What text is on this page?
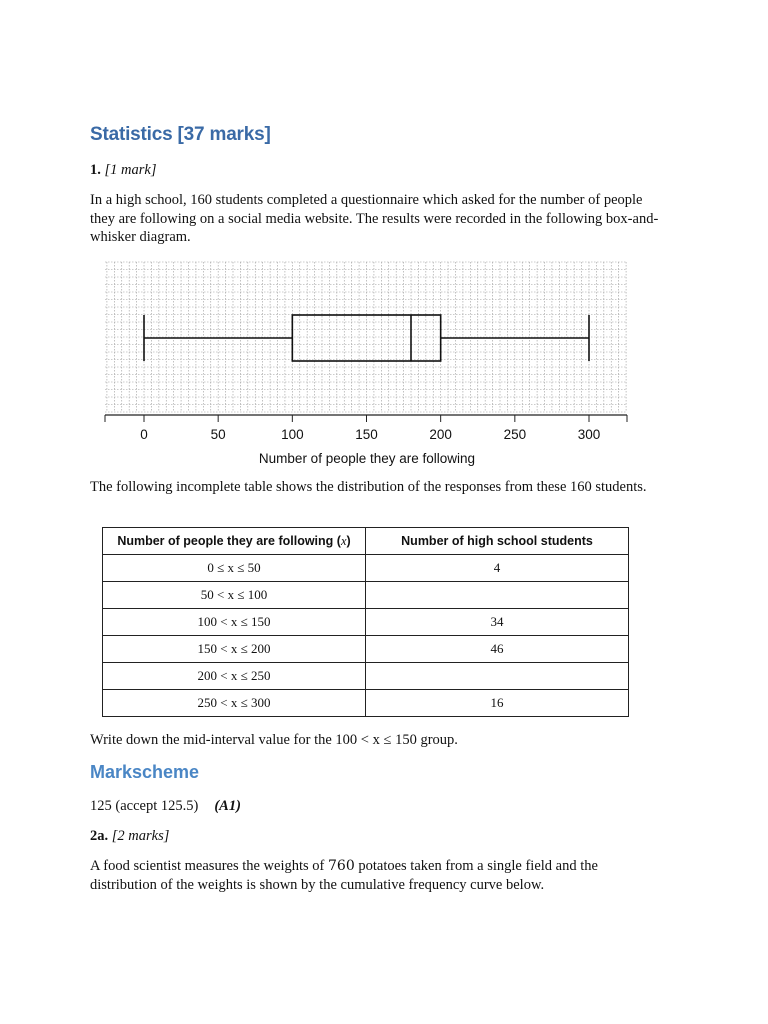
Statistics [37 marks]
1. [1 mark]
In a high school, 160 students completed a questionnaire which asked for the number of people they are following on a social media website. The results were recorded in the following box-and-whisker diagram.
0	50	100	150	200	250	300
Number of people they are following
The following incomplete table shows the distribution of the responses from these 160 students.
Number of people they are following (x)	Number of high school students
0 ≤ x ≤ 50	4
50 < x ≤ 100	
100 < x ≤ 150	34
150 < x ≤ 200	46
200 < x ≤ 250	
250 < x ≤ 300	16
Write down the mid-interval value for the 100 < x ≤ 150 group.
Markscheme
125 (accept 125.5) (A1)
2a. [2 marks]
A food scientist measures the weights of 760 potatoes taken from a single field and the distribution of the weights is shown by the cumulative frequency curve below.
